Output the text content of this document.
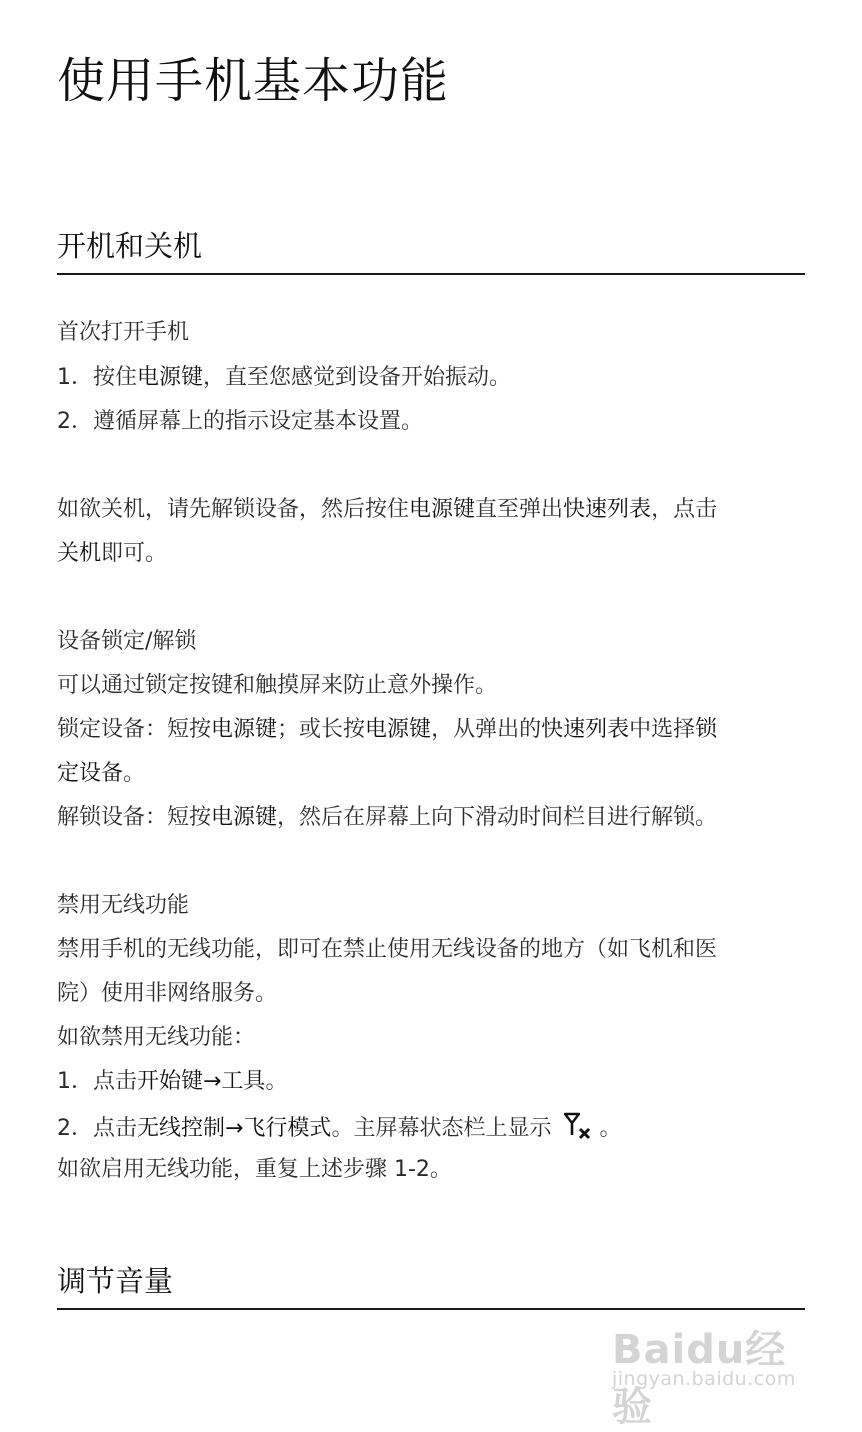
使用手机基本功能
开机和关机

首次打开手机

1．按住电源键，直至您感觉到设备开始振动。

2．遵循屏幕上的指示设定基本设置。

如欲关机，请先解锁设备，然后按住电源键直至弹出快速列表，点击

关机即可。

设备锁定/解锁

可以通过锁定按键和触摸屏来防止意外操作。

锁定设备：短按电源键；或长按电源键，从弹出的快速列表中选择锁

定设备。

解锁设备：短按电源键，然后在屏幕上向下滑动时间栏目进行解锁。

禁用无线功能

禁用手机的无线功能，即可在禁止使用无线设备的地方（如飞机和医

院）使用非网络服务。

如欲禁用无线功能：

1．点击开始键→工具。

2．点击无线控制→飞行模式。主屏幕状态栏上显示 。

如欲启用无线功能，重复上述步骤 1-2。

调节音量
Baidu经验
jingyan.baidu.com
